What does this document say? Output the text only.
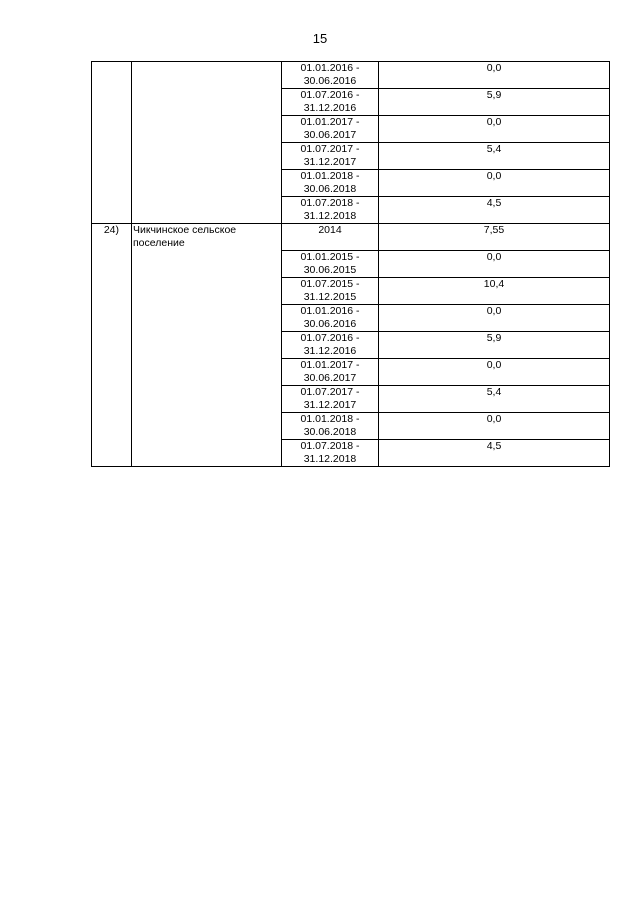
15
		01.01.2016 - 30.06.2016	0,0
		01.07.2016 - 31.12.2016	5,9
		01.01.2017 - 30.06.2017	0,0
		01.07.2017 - 31.12.2017	5,4
		01.01.2018 - 30.06.2018	0,0
		01.07.2018 - 31.12.2018	4,5
24)	Чикчинское сельское поселение	2014	7,55
		01.01.2015 - 30.06.2015	0,0
		01.07.2015 - 31.12.2015	10,4
		01.01.2016 - 30.06.2016	0,0
		01.07.2016 - 31.12.2016	5,9
		01.01.2017 - 30.06.2017	0,0
		01.07.2017 - 31.12.2017	5,4
		01.01.2018 - 30.06.2018	0,0
		01.07.2018 - 31.12.2018	4,5
